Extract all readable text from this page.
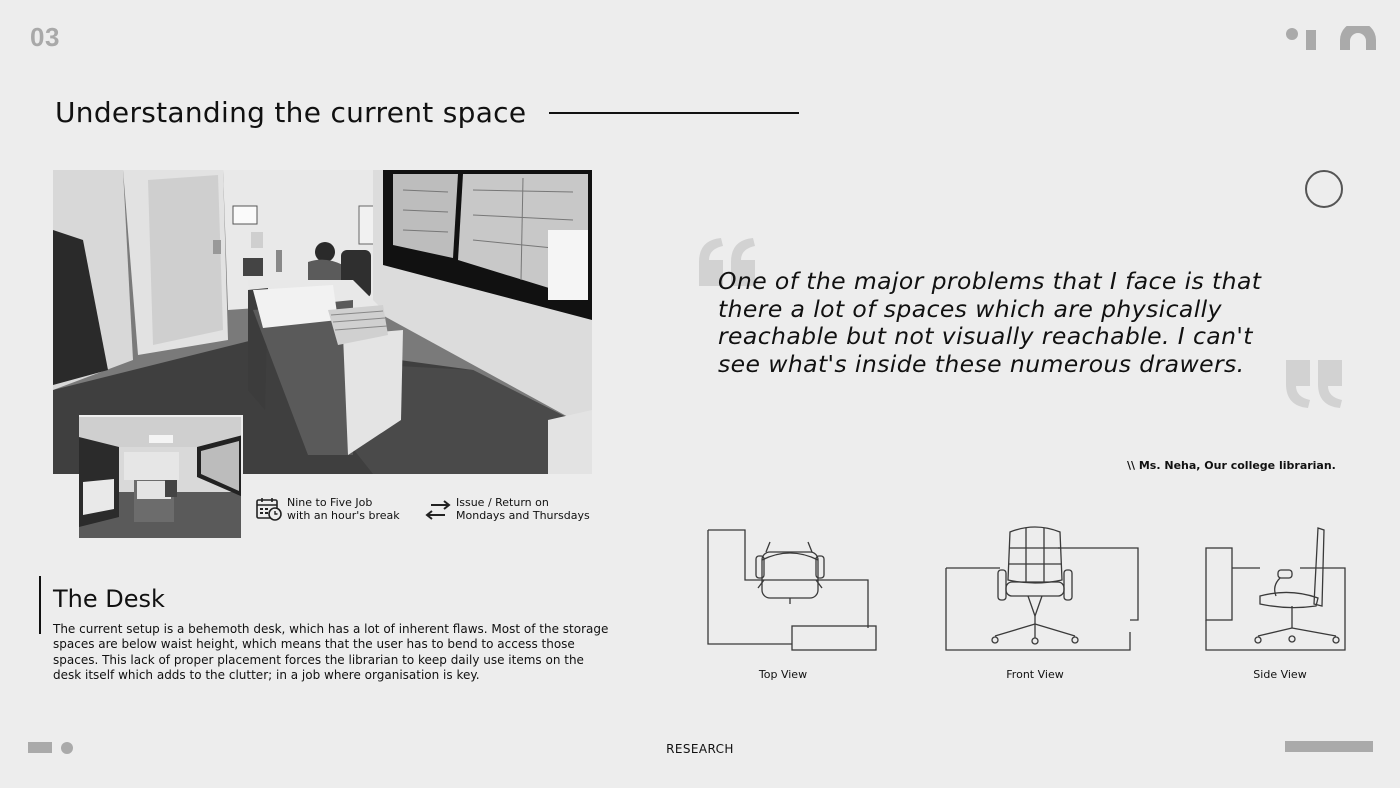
03
Understanding the current space
Nine to Five Job
with an hour's break
Issue / Return on
Mondays and Thursdays
The Desk

The current setup is a behemoth desk, which has a lot of inherent flaws. Most of the storage spaces are below waist height, which means that the user has to bend to access those spaces. This lack of proper placement forces the librarian to keep daily use items on the desk itself which adds to the clutter; in a job where organisation is key.

One of the major problems that I face is that there a lot of spaces which are physically reachable but not visually reachable. I can't see what's inside these numerous drawers.

\\ Ms. Neha, Our college librarian.
Top View	Front View	Side View
RESEARCH
